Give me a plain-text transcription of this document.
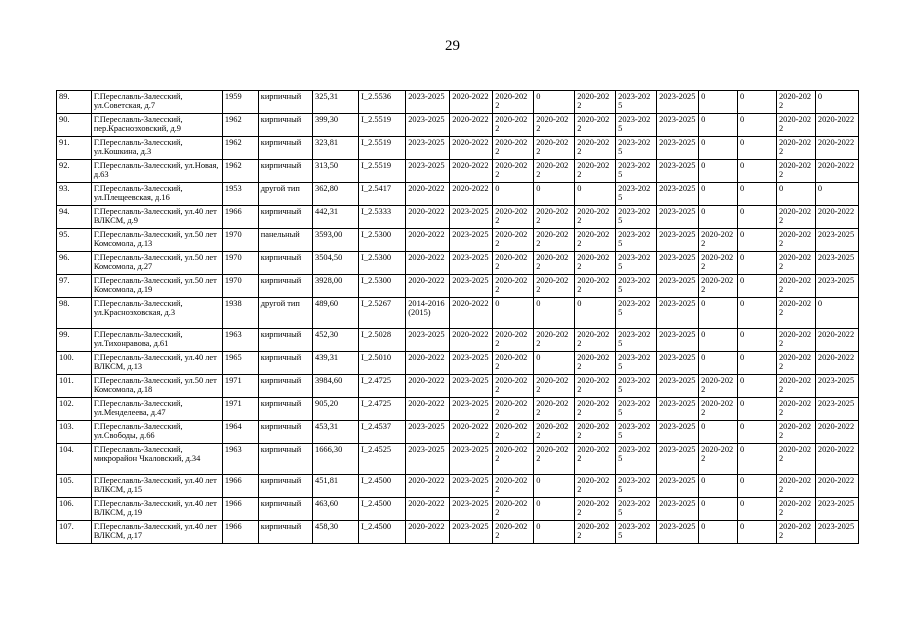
29
89.	Г.Переславль-Залесский, ул.Советская, д.7	1959	кирпичный	325,31	I_2.5536	2023-2025	2020-2022	2020-2022	0	2020-2022	2023-2025	2023-2025	0	0	2020-2022	0
90.	Г.Переславль-Залесский, пер.Красноэховский, д.9	1962	кирпичный	399,30	I_2.5519	2023-2025	2020-2022	2020-2022	2020-2022	2020-2022	2023-2025	2023-2025	0	0	2020-2022	2020-2022
91.	Г.Переславль-Залесский, ул.Кошкина, д.3	1962	кирпичный	323,81	I_2.5519	2023-2025	2020-2022	2020-2022	2020-2022	2020-2022	2023-2025	2023-2025	0	0	2020-2022	2020-2022
92.	Г.Переславль-Залесский, ул.Новая, д.63	1962	кирпичный	313,50	I_2.5519	2023-2025	2020-2022	2020-2022	2020-2022	2020-2022	2023-2025	2023-2025	0	0	2020-2022	2020-2022
93.	Г.Переславль-Залесский, ул.Плещеевская, д.16	1953	другой тип	362,80	I_2.5417	2020-2022	2020-2022	0	0	0	2023-2025	2023-2025	0	0	0	0
94.	Г.Переславль-Залесский, ул.40 лет ВЛКСМ, д.9	1966	кирпичный	442,31	I_2.5333	2020-2022	2023-2025	2020-2022	2020-2022	2020-2022	2023-2025	2023-2025	0	0	2020-2022	2020-2022
95.	Г.Переславль-Залесский, ул.50 лет Комсомола, д.13	1970	панельный	3593,00	I_2.5300	2020-2022	2023-2025	2020-2022	2020-2022	2020-2022	2023-2025	2023-2025	2020-2022	0	2020-2022	2023-2025
96.	Г.Переславль-Залесский, ул.50 лет Комсомола, д.27	1970	кирпичный	3504,50	I_2.5300	2020-2022	2023-2025	2020-2022	2020-2022	2020-2022	2023-2025	2023-2025	2020-2022	0	2020-2022	2023-2025
97.	Г.Переславль-Залесский, ул.50 лет Комсомола, д.19	1970	кирпичный	3928,00	I_2.5300	2020-2022	2023-2025	2020-2022	2020-2022	2020-2022	2023-2025	2023-2025	2020-2022	0	2020-2022	2023-2025
98.	Г.Переславль-Залесский, ул.Красноэховская, д.3	1938	другой тип	489,60	I_2.5267	2014-2016 (2015)	2020-2022	0	0	0	2023-2025	2023-2025	0	0	2020-2022	0
99.	Г.Переславль-Залесский, ул.Тихонравова, д.61	1963	кирпичный	452,30	I_2.5028	2023-2025	2020-2022	2020-2022	2020-2022	2020-2022	2023-2025	2023-2025	0	0	2020-2022	2020-2022
100.	Г.Переславль-Залесский, ул.40 лет ВЛКСМ, д.13	1965	кирпичный	439,31	I_2.5010	2020-2022	2023-2025	2020-2022	0	2020-2022	2023-2025	2023-2025	0	0	2020-2022	2020-2022
101.	Г.Переславль-Залесский, ул.50 лет Комсомола, д.18	1971	кирпичный	3984,60	I_2.4725	2020-2022	2023-2025	2020-2022	2020-2022	2020-2022	2023-2025	2023-2025	2020-2022	0	2020-2022	2023-2025
102.	Г.Переславль-Залесский, ул.Менделеева, д.47	1971	кирпичный	905,20	I_2.4725	2020-2022	2023-2025	2020-2022	2020-2022	2020-2022	2023-2025	2023-2025	2020-2022	0	2020-2022	2023-2025
103.	Г.Переславль-Залесский, ул.Свободы, д.66	1964	кирпичный	453,31	I_2.4537	2023-2025	2020-2022	2020-2022	2020-2022	2020-2022	2023-2025	2023-2025	0	0	2020-2022	2020-2022
104.	Г.Переславль-Залесский, микрорайон Чкаловский, д.34	1963	кирпичный	1666,30	I_2.4525	2023-2025	2023-2025	2020-2022	2020-2022	2020-2022	2023-2025	2023-2025	2020-2022	0	2020-2022	2020-2022
105.	Г.Переславль-Залесский, ул.40 лет ВЛКСМ, д.15	1966	кирпичный	451,81	I_2.4500	2020-2022	2023-2025	2020-2022	0	2020-2022	2023-2025	2023-2025	0	0	2020-2022	2020-2022
106.	Г.Переславль-Залесский, ул.40 лет ВЛКСМ, д.19	1966	кирпичный	463,60	I_2.4500	2020-2022	2023-2025	2020-2022	0	2020-2022	2023-2025	2023-2025	0	0	2020-2022	2023-2025
107.	Г.Переславль-Залесский, ул.40 лет ВЛКСМ, д.17	1966	кирпичный	458,30	I_2.4500	2020-2022	2023-2025	2020-2022	0	2020-2022	2023-2025	2023-2025	0	0	2020-2022	2023-2025
